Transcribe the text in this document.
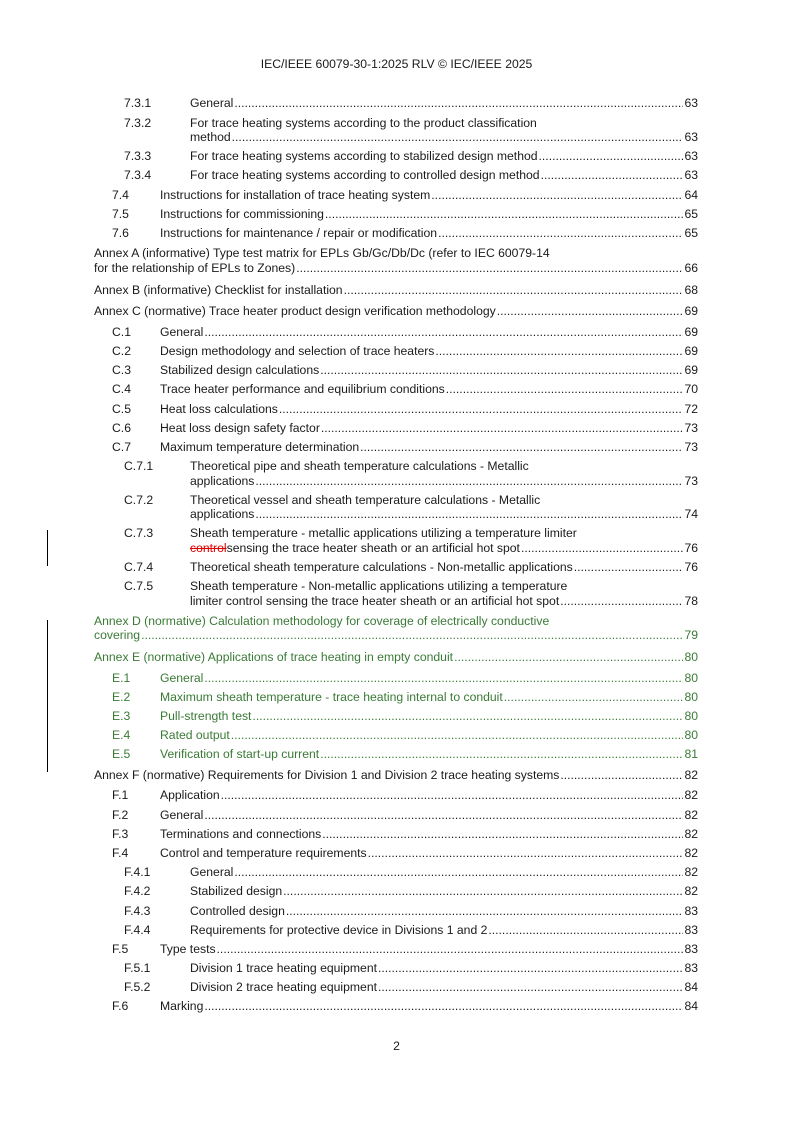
IEC/IEEE 60079-30-1:2025 RLV © IEC/IEEE 2025
7.3.1	General .....	63
7.3.2	For trace heating systems according to the product classification
method .....	63
7.3.3	For trace heating systems according to stabilized design method .....	63
7.3.4	For trace heating systems according to controlled design method .....	63
7.4	Instructions for installation of trace heating system .....	64
7.5	Instructions for commissioning .....	65
7.6	Instructions for maintenance / repair or modification .....	65
Annex A (informative) Type test matrix for EPLs Gb/Gc/Db/Dc (refer to IEC 60079-14
for the relationship of EPLs to Zones) .....	66
Annex B (informative) Checklist for installation .....	68
Annex C (normative) Trace heater product design verification methodology .....	69
C.1 General .....	69
C.2 Design methodology and selection of trace heaters .....	69
C.3 Stabilized design calculations .....	69
C.4 Trace heater performance and equilibrium conditions .....	70
C.5 Heat loss calculations .....	72
C.6 Heat loss design safety factor .....	73
C.7 Maximum temperature determination .....	73
C.7.1	Theoretical pipe and sheath temperature calculations - Metallic
applications .....	73
C.7.2	Theoretical vessel and sheath temperature calculations - Metallic
applications .....	74
C.7.3	Sheath temperature - metallic applications utilizing a temperature limiter
control sensing the trace heater sheath or an artificial hot spot .....	76
C.7.4	Theoretical sheath temperature calculations - Non-metallic applications .....	76
C.7.5	Sheath temperature - Non-metallic applications utilizing a temperature
limiter control sensing the trace heater sheath or an artificial hot spot .....	78
Annex D (normative) Calculation methodology for coverage of electrically conductive
covering .....	79
Annex E (normative) Applications of trace heating in empty conduit .....	80
E.1 General .....	80
E.2 Maximum sheath temperature - trace heating internal to conduit .....	80
E.3 Pull-strength test .....	80
E.4 Rated output .....	80
E.5 Verification of start-up current .....	81
Annex F (normative) Requirements for Division 1 and Division 2 trace heating systems .....	82
F.1	Application .....	82
F.2	General .....	82
F.3	Terminations and connections .....	82
F.4	Control and temperature requirements .....	82
F.4.1	General .....	82
F.4.2	Stabilized design .....	82
F.4.3	Controlled design .....	83
F.4.4	Requirements for protective device in Divisions 1 and 2 .....	83
F.5	Type tests .....	83
F.5.1	Division 1 trace heating equipment .....	83
F.5.2	Division 2 trace heating equipment .....	84
F.6	Marking .....	84
2
